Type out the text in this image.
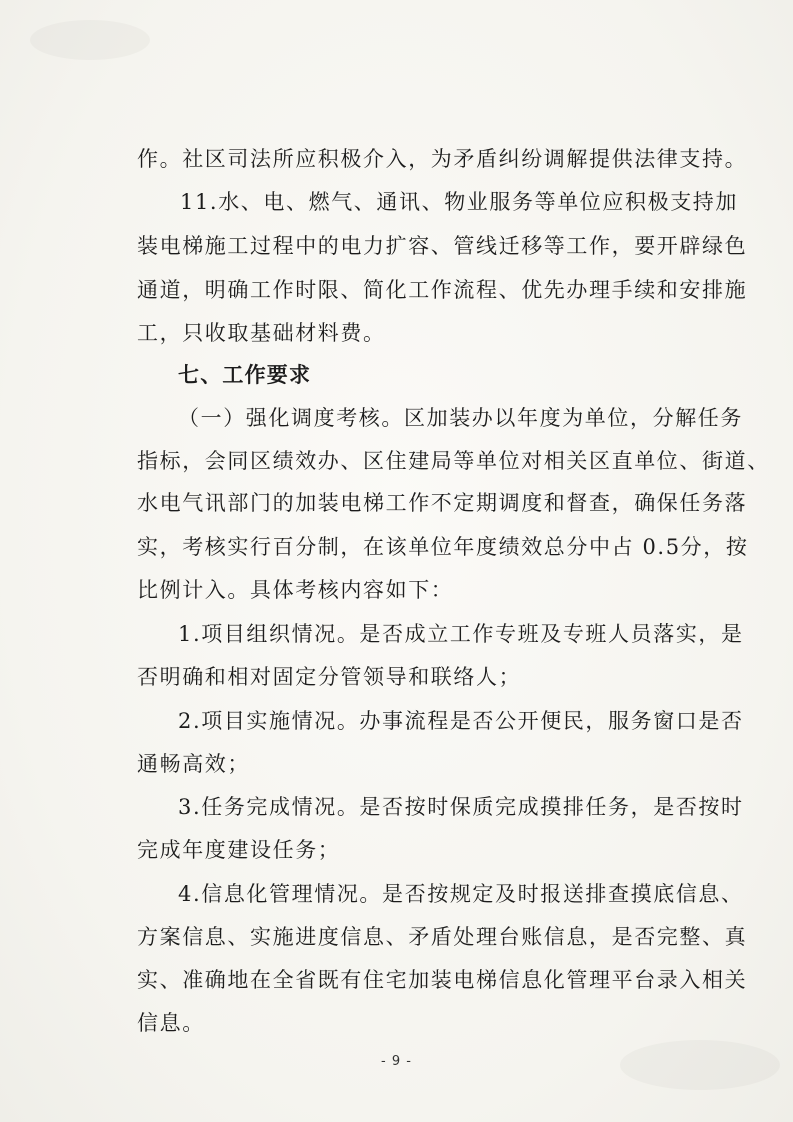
作。社区司法所应积极介入，为矛盾纠纷调解提供法律支持。
11.水、电、燃气、通讯、物业服务等单位应积极支持加
装电梯施工过程中的电力扩容、管线迁移等工作，要开辟绿色
通道，明确工作时限、简化工作流程、优先办理手续和安排施
工，只收取基础材料费。
七、工作要求
（一）强化调度考核。区加装办以年度为单位，分解任务
指标，会同区绩效办、区住建局等单位对相关区直单位、街道、
水电气讯部门的加装电梯工作不定期调度和督查，确保任务落
实，考核实行百分制，在该单位年度绩效总分中占 0.5分，按
比例计入。具体考核内容如下：
1.项目组织情况。是否成立工作专班及专班人员落实，是
否明确和相对固定分管领导和联络人；
2.项目实施情况。办事流程是否公开便民，服务窗口是否
通畅高效；
3.任务完成情况。是否按时保质完成摸排任务，是否按时
完成年度建设任务；
4.信息化管理情况。是否按规定及时报送排查摸底信息、
方案信息、实施进度信息、矛盾处理台账信息，是否完整、真
实、准确地在全省既有住宅加装电梯信息化管理平台录入相关
信息。
- 9 -
